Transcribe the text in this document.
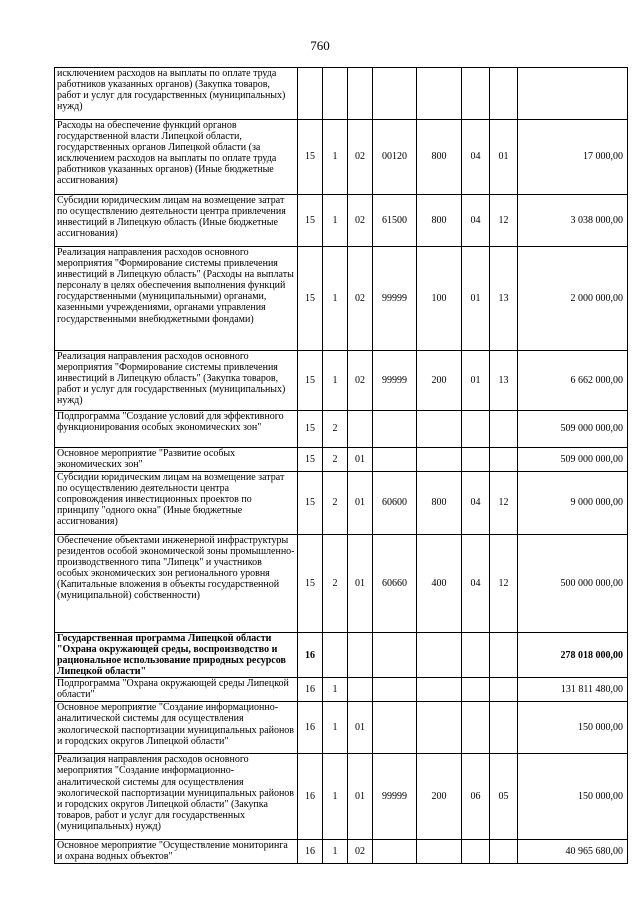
760
исключением расходов на выплаты по оплате труда работников указанных органов) (Закупка товаров, работ и услуг для государственных (муниципальных) нужд)								
Расходы на обеспечение функций органов государственной власти Липецкой области, государственных органов Липецкой области (за исключением расходов на выплаты по оплате труда работников указанных органов) (Иные бюджетные ассигнования)	15	1	02	00120	800	04	01	17 000,00
Субсидии юридическим лицам на возмещение затрат по осуществлению деятельности центра привлечения инвестиций в Липецкую область (Иные бюджетные ассигнования)	15	1	02	61500	800	04	12	3 038 000,00
Реализация направления расходов основного мероприятия "Формирование системы привлечения инвестиций в Липецкую область" (Расходы на выплаты персоналу в целях обеспечения выполнения функций государственными (муниципальными) органами, казенными учреждениями, органами управления государственными внебюджетными фондами)	15	1	02	99999	100	01	13	2 000 000,00
Реализация направления расходов основного мероприятия "Формирование системы привлечения инвестиций в Липецкую область" (Закупка товаров, работ и услуг для государственных (муниципальных) нужд)	15	1	02	99999	200	01	13	6 662 000,00
Подпрограмма "Создание условий для эффективного функционирования особых экономических зон"	15	2						509 000 000,00
Основное мероприятие "Развитие особых экономических зон"	15	2	01					509 000 000,00
Субсидии юридическим лицам на возмещение затрат по осуществлению деятельности центра сопровождения инвестиционных проектов по принципу "одного окна" (Иные бюджетные ассигнования)	15	2	01	60600	800	04	12	9 000 000,00
Обеспечение объектами инженерной инфраструктуры резидентов особой экономической зоны промышленно-производственного типа "Липецк" и участников особых экономических зон регионального уровня (Капитальные вложения в объекты государственной (муниципальной) собственности)	15	2	01	60660	400	04	12	500 000 000,00
Государственная программа Липецкой области "Охрана окружающей среды, воспроизводство и рациональное использование природных ресурсов Липецкой области"	16							278 018 000,00
Подпрограмма "Охрана окружающей среды Липецкой области"	16	1						131 811 480,00
Основное мероприятие "Создание информационно-аналитической системы для осуществления экологической паспортизации муниципальных районов и городских округов Липецкой области"	16	1	01					150 000,00
Реализация направления расходов основного мероприятия "Создание информационно-аналитической системы для осуществления экологической паспортизации муниципальных районов и городских округов Липецкой области" (Закупка товаров, работ и услуг для государственных (муниципальных) нужд)	16	1	01	99999	200	06	05	150 000,00
Основное мероприятие "Осуществление мониторинга и охрана водных объектов"	16	1	02					40 965 680,00
